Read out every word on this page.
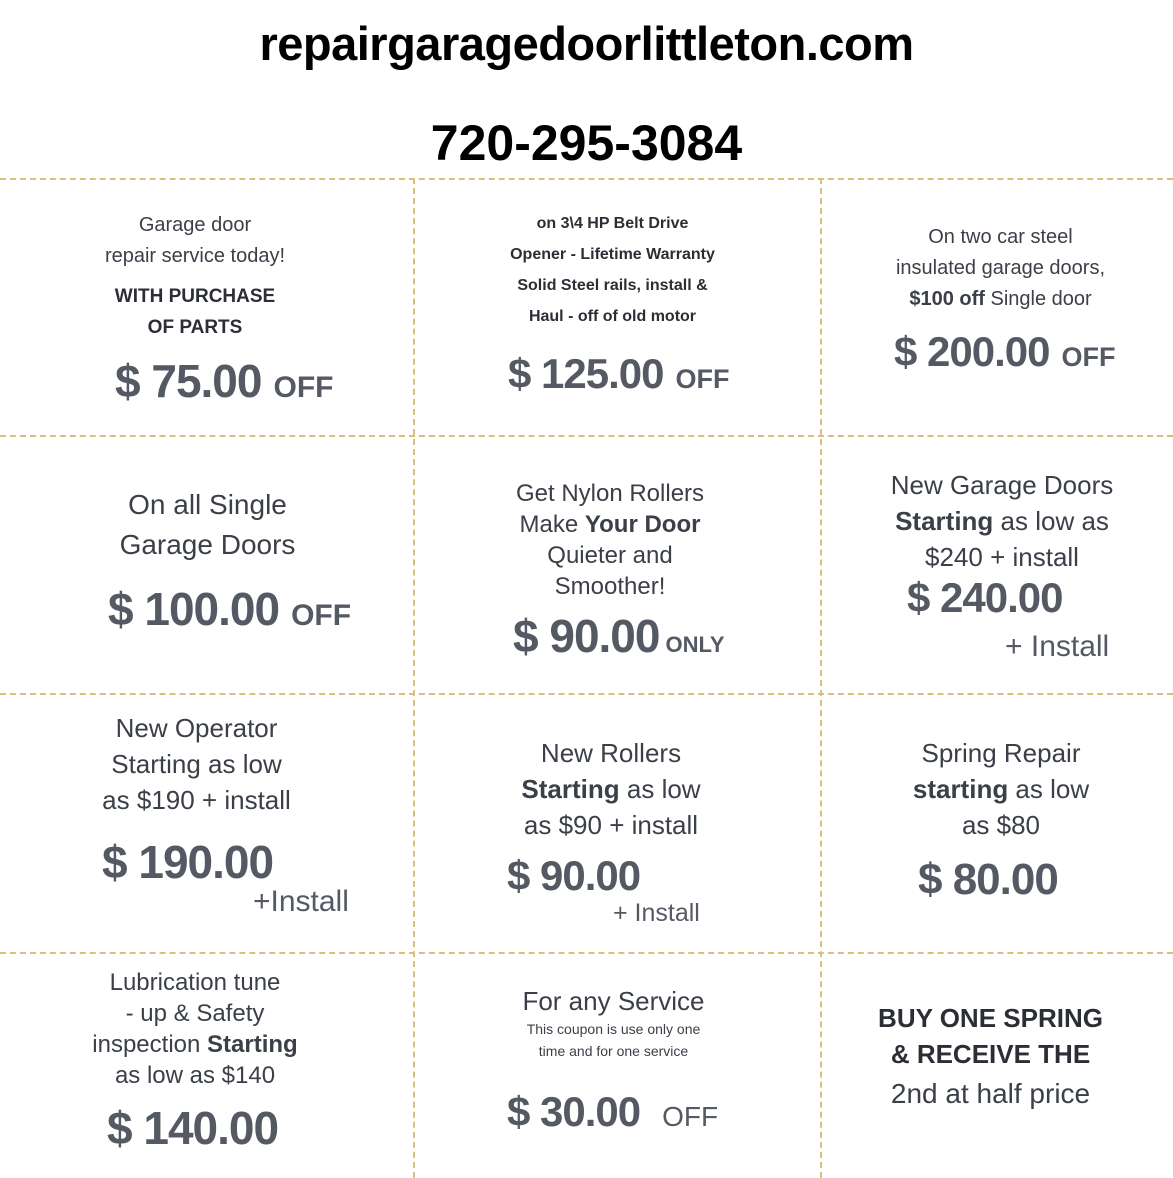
repairgaragedoorlittleton.com
720-295-3084
Garage door
repair service today!
WITH PURCHASE
OF PARTS
$ 75.00 OFF
on 3\4 HP Belt Drive
Opener - Lifetime Warranty
Solid Steel rails, install &
Haul - off of old motor
$ 125.00 OFF
On two car steel
insulated garage doors,
$100 off Single door
$ 200.00 OFF
On all Single
Garage Doors
$ 100.00 OFF
Get Nylon Rollers
Make Your Door
Quieter and
Smoother!
$ 90.00 ONLY
New Garage Doors
Starting as low as
$240 + install
$ 240.00
+ Install
New Operator
Starting as low
as $190 + install
$ 190.00
+Install
New Rollers
Starting as low
as $90 + install
$ 90.00
+ Install
Spring Repair
starting as low
as $80
$ 80.00
Lubrication tune
- up & Safety
inspection Starting
as low as $140
$ 140.00
For any Service
This coupon is use only one
time and for one service
$ 30.00 OFF
BUY ONE SPRING
& RECEIVE THE
2nd at half price
